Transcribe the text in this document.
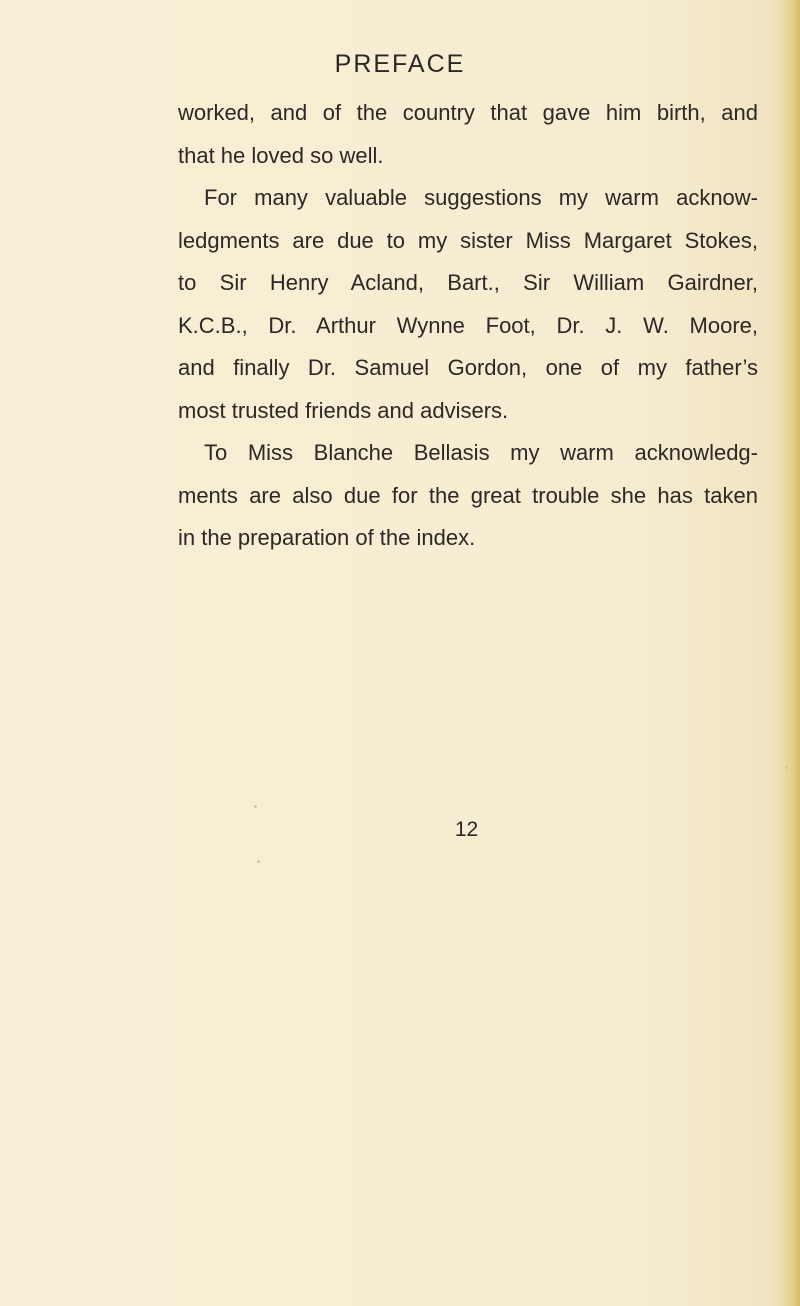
PREFACE
worked, and of the country that gave him birth, and
that he loved so well.
For many valuable suggestions my warm acknow-
ledgments are due to my sister Miss Margaret Stokes,
to Sir Henry Acland, Bart., Sir William Gairdner,
K.C.B., Dr. Arthur Wynne Foot, Dr. J. W. Moore,
and finally Dr. Samuel Gordon, one of my father’s
most trusted friends and advisers.
To Miss Blanche Bellasis my warm acknowledg-
ments are also due for the great trouble she has taken
in the preparation of the index.
12
